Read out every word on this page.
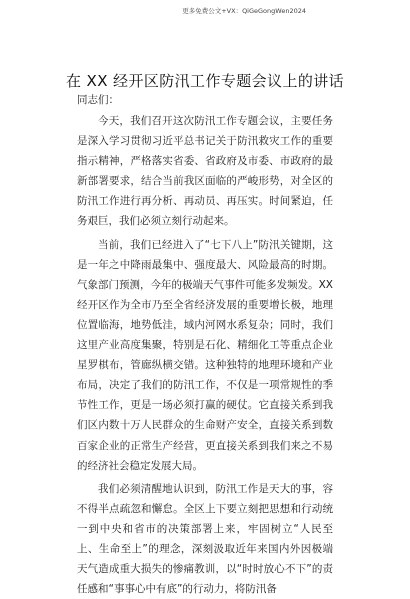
更多免费公文+VX：QiGeGongWen2024
在 XX 经开区防汛工作专题会议上的讲话
同志们：

今天，我们召开这次防汛工作专题会议，主要任务是深入学习贯彻习近平总书记关于防汛救灾工作的重要指示精神，严格落实省委、省政府及市委、市政府的最新部署要求，结合当前我区面临的严峻形势，对全区的防汛工作进行再分析、再动员、再压实。时间紧迫，任务艰巨，我们必须立刻行动起来。

当前，我们已经进入了“七下八上”防汛关键期，这是一年之中降雨最集中、强度最大、风险最高的时期。气象部门预测，今年的极端天气事件可能多发频发。XX 经开区作为全市乃至全省经济发展的重要增长极，地理位置临海，地势低洼，域内河网水系复杂；同时，我们这里产业高度集聚，特别是石化、精细化工等重点企业星罗棋布，管廊纵横交错。这种独特的地理环境和产业布局，决定了我们的防汛工作，不仅是一项常规性的季节性工作，更是一场必须打赢的硬仗。它直接关系到我们区内数十万人民群众的生命财产安全，直接关系到数百家企业的正常生产经营，更直接关系到我们来之不易的经济社会稳定发展大局。

我们必须清醒地认识到，防汛工作是天大的事，容不得半点疏忽和懈怠。全区上下要立刻把思想和行动统一到中央和省市的决策部署上来，牢固树立“人民至上、生命至上”的理念，深刻汲取近年来国内外因极端天气造成重大损失的惨痛教训，以“时时放心不下”的责任感和“事事心中有底”的行动力，将防汛备
